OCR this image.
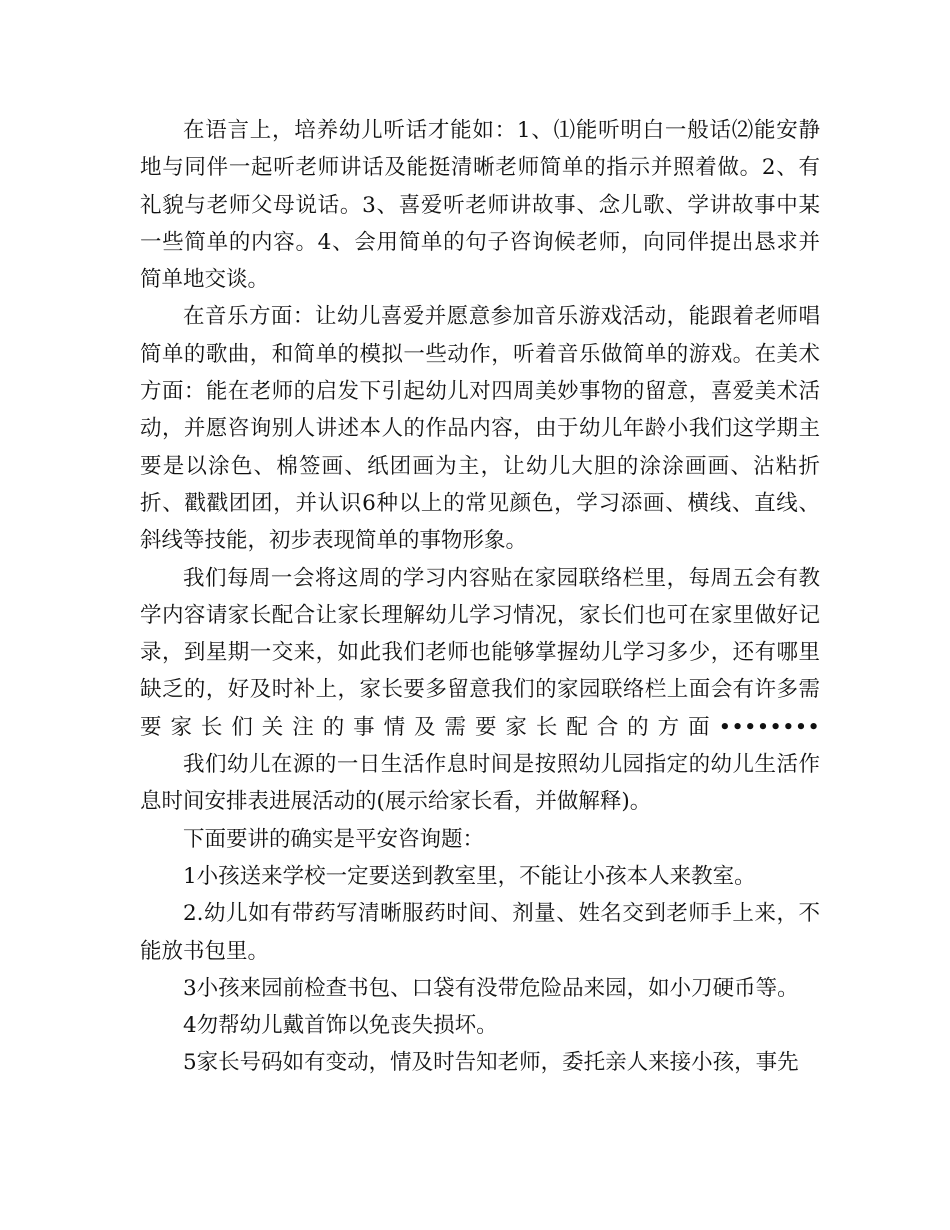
在语言上，培养幼儿听话才能如：1、⑴能听明白一般话⑵能安静地与同伴一起听老师讲话及能挺清晰老师简单的指示并照着做。2、有礼貌与老师父母说话。3、喜爱听老师讲故事、念儿歌、学讲故事中某一些简单的内容。4、会用简单的句子咨询候老师，向同伴提出恳求并简单地交谈。

在音乐方面：让幼儿喜爱并愿意参加音乐游戏活动，能跟着老师唱简单的歌曲，和简单的模拟一些动作，听着音乐做简单的游戏。在美术方面：能在老师的启发下引起幼儿对四周美妙事物的留意，喜爱美术活动，并愿咨询别人讲述本人的作品内容，由于幼儿年龄小我们这学期主要是以涂色、棉签画、纸团画为主，让幼儿大胆的涂涂画画、沾粘折折、戳戳团团，并认识6种以上的常见颜色，学习添画、横线、直线、斜线等技能，初步表现简单的事物形象。

我们每周一会将这周的学习内容贴在家园联络栏里，每周五会有教学内容请家长配合让家长理解幼儿学习情况，家长们也可在家里做好记录，到星期一交来，如此我们老师也能够掌握幼儿学习多少，还有哪里缺乏的，好及时补上，家长要多留意我们的家园联络栏上面会有许多需要家长们关注的事情及需要家长配合的方面••••••••

我们幼儿在源的一日生活作息时间是按照幼儿园指定的幼儿生活作息时间安排表进展活动的(展示给家长看，并做解释)。

下面要讲的确实是平安咨询题：

1小孩送来学校一定要送到教室里，不能让小孩本人来教室。

2.幼儿如有带药写清晰服药时间、剂量、姓名交到老师手上来，不能放书包里。

3小孩来园前检查书包、口袋有没带危险品来园，如小刀硬币等。

4勿帮幼儿戴首饰以免丧失损坏。

5家长号码如有变动，情及时告知老师，委托亲人来接小孩，事先
